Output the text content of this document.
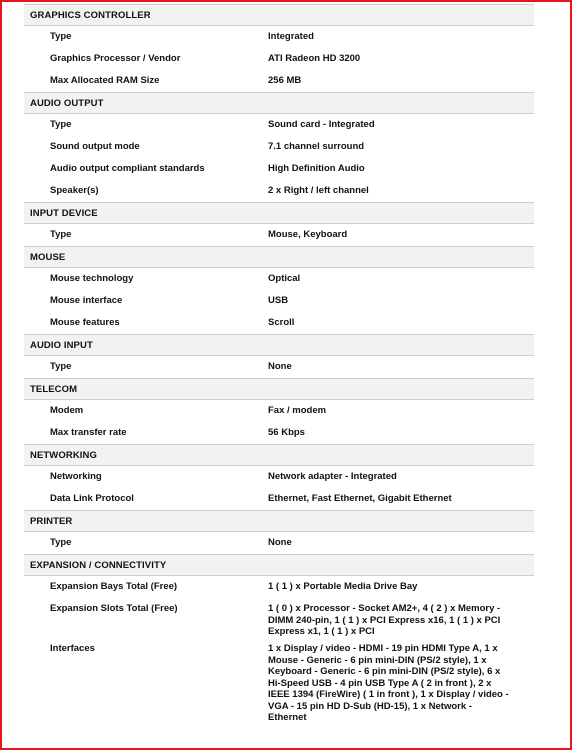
GRAPHICS CONTROLLER
Type	Integrated
Graphics Processor / Vendor	ATI Radeon HD 3200
Max Allocated RAM Size	256 MB
AUDIO OUTPUT
Type	Sound card - Integrated
Sound output mode	7.1 channel surround
Audio output compliant standards	High Definition Audio
Speaker(s)	2 x Right / left channel
INPUT DEVICE
Type	Mouse, Keyboard
MOUSE
Mouse technology	Optical
Mouse interface	USB
Mouse features	Scroll
AUDIO INPUT
Type	None
TELECOM
Modem	Fax / modem
Max transfer rate	56 Kbps
NETWORKING
Networking	Network adapter - Integrated
Data Link Protocol	Ethernet, Fast Ethernet, Gigabit Ethernet
PRINTER
Type	None
EXPANSION / CONNECTIVITY
Expansion Bays Total (Free)	1 ( 1 ) x Portable Media Drive Bay
Expansion Slots Total (Free)	1 ( 0 ) x Processor - Socket AM2+, 4 ( 2 ) x Memory - DIMM 240-pin, 1 ( 1 ) x PCI Express x16, 1 ( 1 ) x PCI Express x1, 1 ( 1 ) x PCI
Interfaces	1 x Display / video - HDMI - 19 pin HDMI Type A, 1 x Mouse - Generic - 6 pin mini-DIN (PS/2 style), 1 x Keyboard - Generic - 6 pin mini-DIN (PS/2 style), 6 x Hi-Speed USB - 4 pin USB Type A ( 2 in front ), 2 x IEEE 1394 (FireWire) ( 1 in front ), 1 x Display / video - VGA - 15 pin HD D-Sub (HD-15), 1 x Network - Ethernet
